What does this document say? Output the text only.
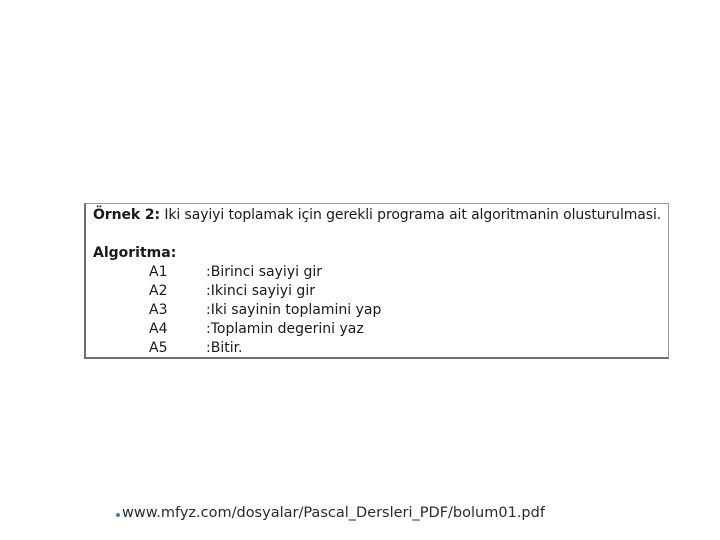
Örnek 2: Iki sayiyi toplamak için gerekli programa ait algoritmanin olusturulmasi.
Algoritma:
A1	:Birinci sayiyi gir
A2	:Ikinci sayiyi gir
A3	:Iki sayinin toplamini yap
A4	:Toplamin degerini yaz
A5	:Bitir.
www.mfyz.com/dosyalar/Pascal_Dersleri_PDF/bolum01.pdf
